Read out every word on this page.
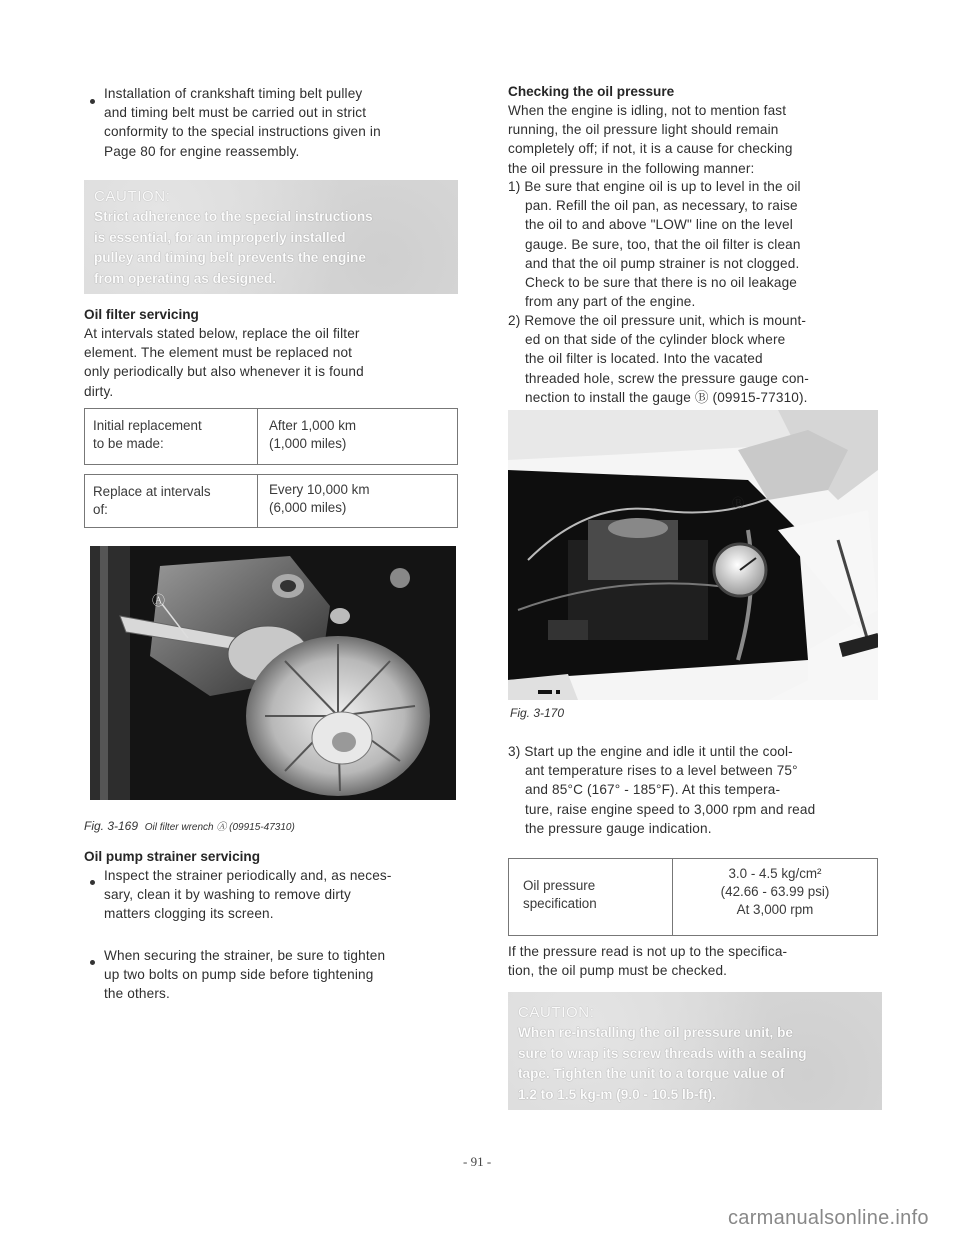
Installation of crankshaft timing belt pulley
and timing belt must be carried out in strict
conformity to the special instructions given in
Page 80 for engine reassembly.
CAUTION:
Strict adherence to the special instructions
is essential, for an improperly installed
pulley and timing belt prevents the engine
from operating as designed.
Oil filter servicing
At intervals stated below, replace the oil filter
element. The element must be replaced not
only periodically but also whenever it is found
dirty.
Initial replacement
to be made:
After 1,000 km
(1,000 miles)
Replace at intervals
of:
Every 10,000 km
(6,000 miles)
Ⓐ
Fig. 3-169 Oil filter wrench Ⓐ (09915-47310)
Oil pump strainer servicing
Inspect the strainer periodically and, as neces-
sary, clean it by washing to remove dirty
matters clogging its screen.
When securing the strainer, be sure to tighten
up two bolts on pump side before tightening
the others.
Checking the oil pressure
When the engine is idling, not to mention fast
running, the oil pressure light should remain
completely off; if not, it is a cause for checking
the oil pressure in the following manner:
1) Be sure that engine oil is up to level in the oil
pan. Refill the oil pan, as necessary, to raise
the oil to and above "LOW" line on the level
gauge. Be sure, too, that the oil filter is clean
and that the oil pump strainer is not clogged.
Check to be sure that there is no oil leakage
from any part of the engine.
2) Remove the oil pressure unit, which is mount-
ed on that side of the cylinder block where
the oil filter is located. Into the vacated
threaded hole, screw the pressure gauge con-
nection to install the gauge Ⓑ (09915-77310).
Ⓑ
Fig. 3-170
3) Start up the engine and idle it until the cool-
ant temperature rises to a level between 75°
and 85°C (167° - 185°F). At this tempera-
ture, raise engine speed to 3,000 rpm and read
the pressure gauge indication.
Oil pressure
specification
3.0 - 4.5 kg/cm²
(42.66 - 63.99 psi)
At 3,000 rpm
If the pressure read is not up to the specifica-
tion, the oil pump must be checked.
CAUTION:
When re-installing the oil pressure unit, be
sure to wrap its screw threads with a sealing
tape. Tighten the unit to a torque value of
1.2 to 1.5 kg-m (9.0 - 10.5 lb-ft).
- 91 -
carmanualsonline.info
